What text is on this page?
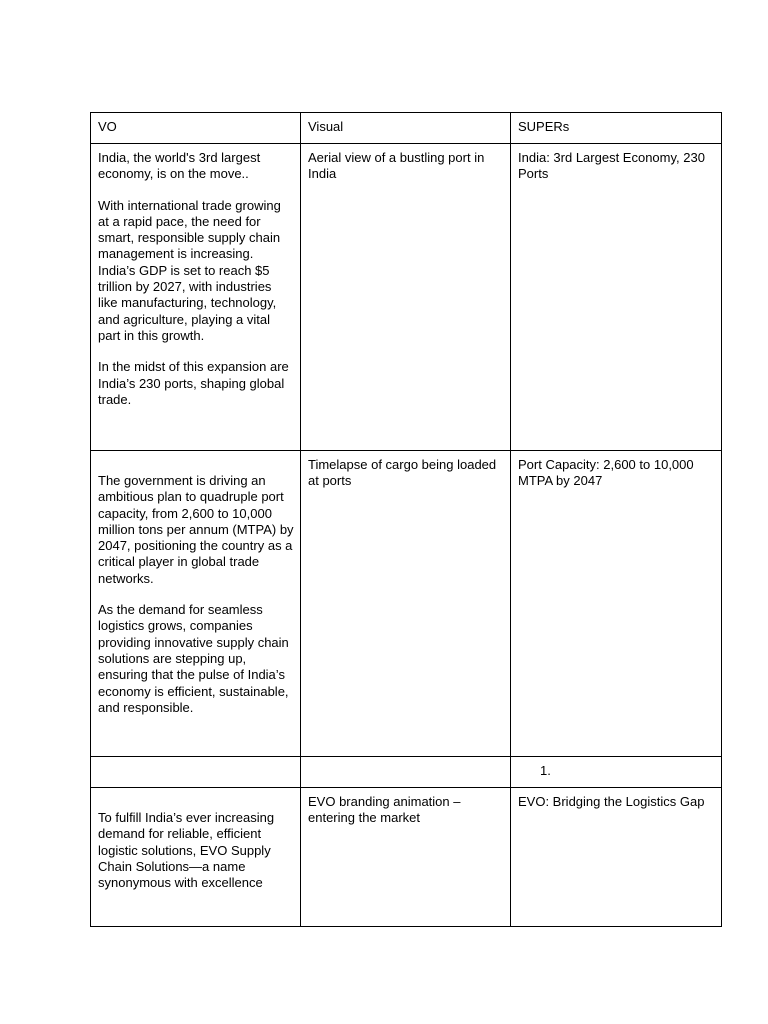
VO	Visual	SUPERs

India, the world's 3rd largest economy, is on the move..

With international trade growing at a rapid pace, the need for smart, responsible supply chain management is increasing. India’s GDP is set to reach $5 trillion by 2027, with industries like manufacturing, technology, and agriculture, playing a vital part in this growth.

In the midst of this expansion are India’s 230 ports, shaping global trade.	Aerial view of a bustling port in India	India: 3rd Largest Economy, 230 Ports

The government is driving an ambitious plan to quadruple port capacity, from 2,600 to 10,000 million tons per annum (MTPA) by 2047, positioning the country as a critical player in global trade networks.

As the demand for seamless logistics grows, companies providing innovative supply chain solutions are stepping up, ensuring that the pulse of India’s economy is efficient, sustainable, and responsible.	Timelapse of cargo being loaded at ports	Port Capacity: 2,600 to 10,000 MTPA by 2047
		1.

To fulfill India’s ever increasing demand for reliable, efficient logistic solutions, EVO Supply Chain Solutions—a name synonymous with excellence	EVO branding animation – entering the market	EVO: Bridging the Logistics Gap
